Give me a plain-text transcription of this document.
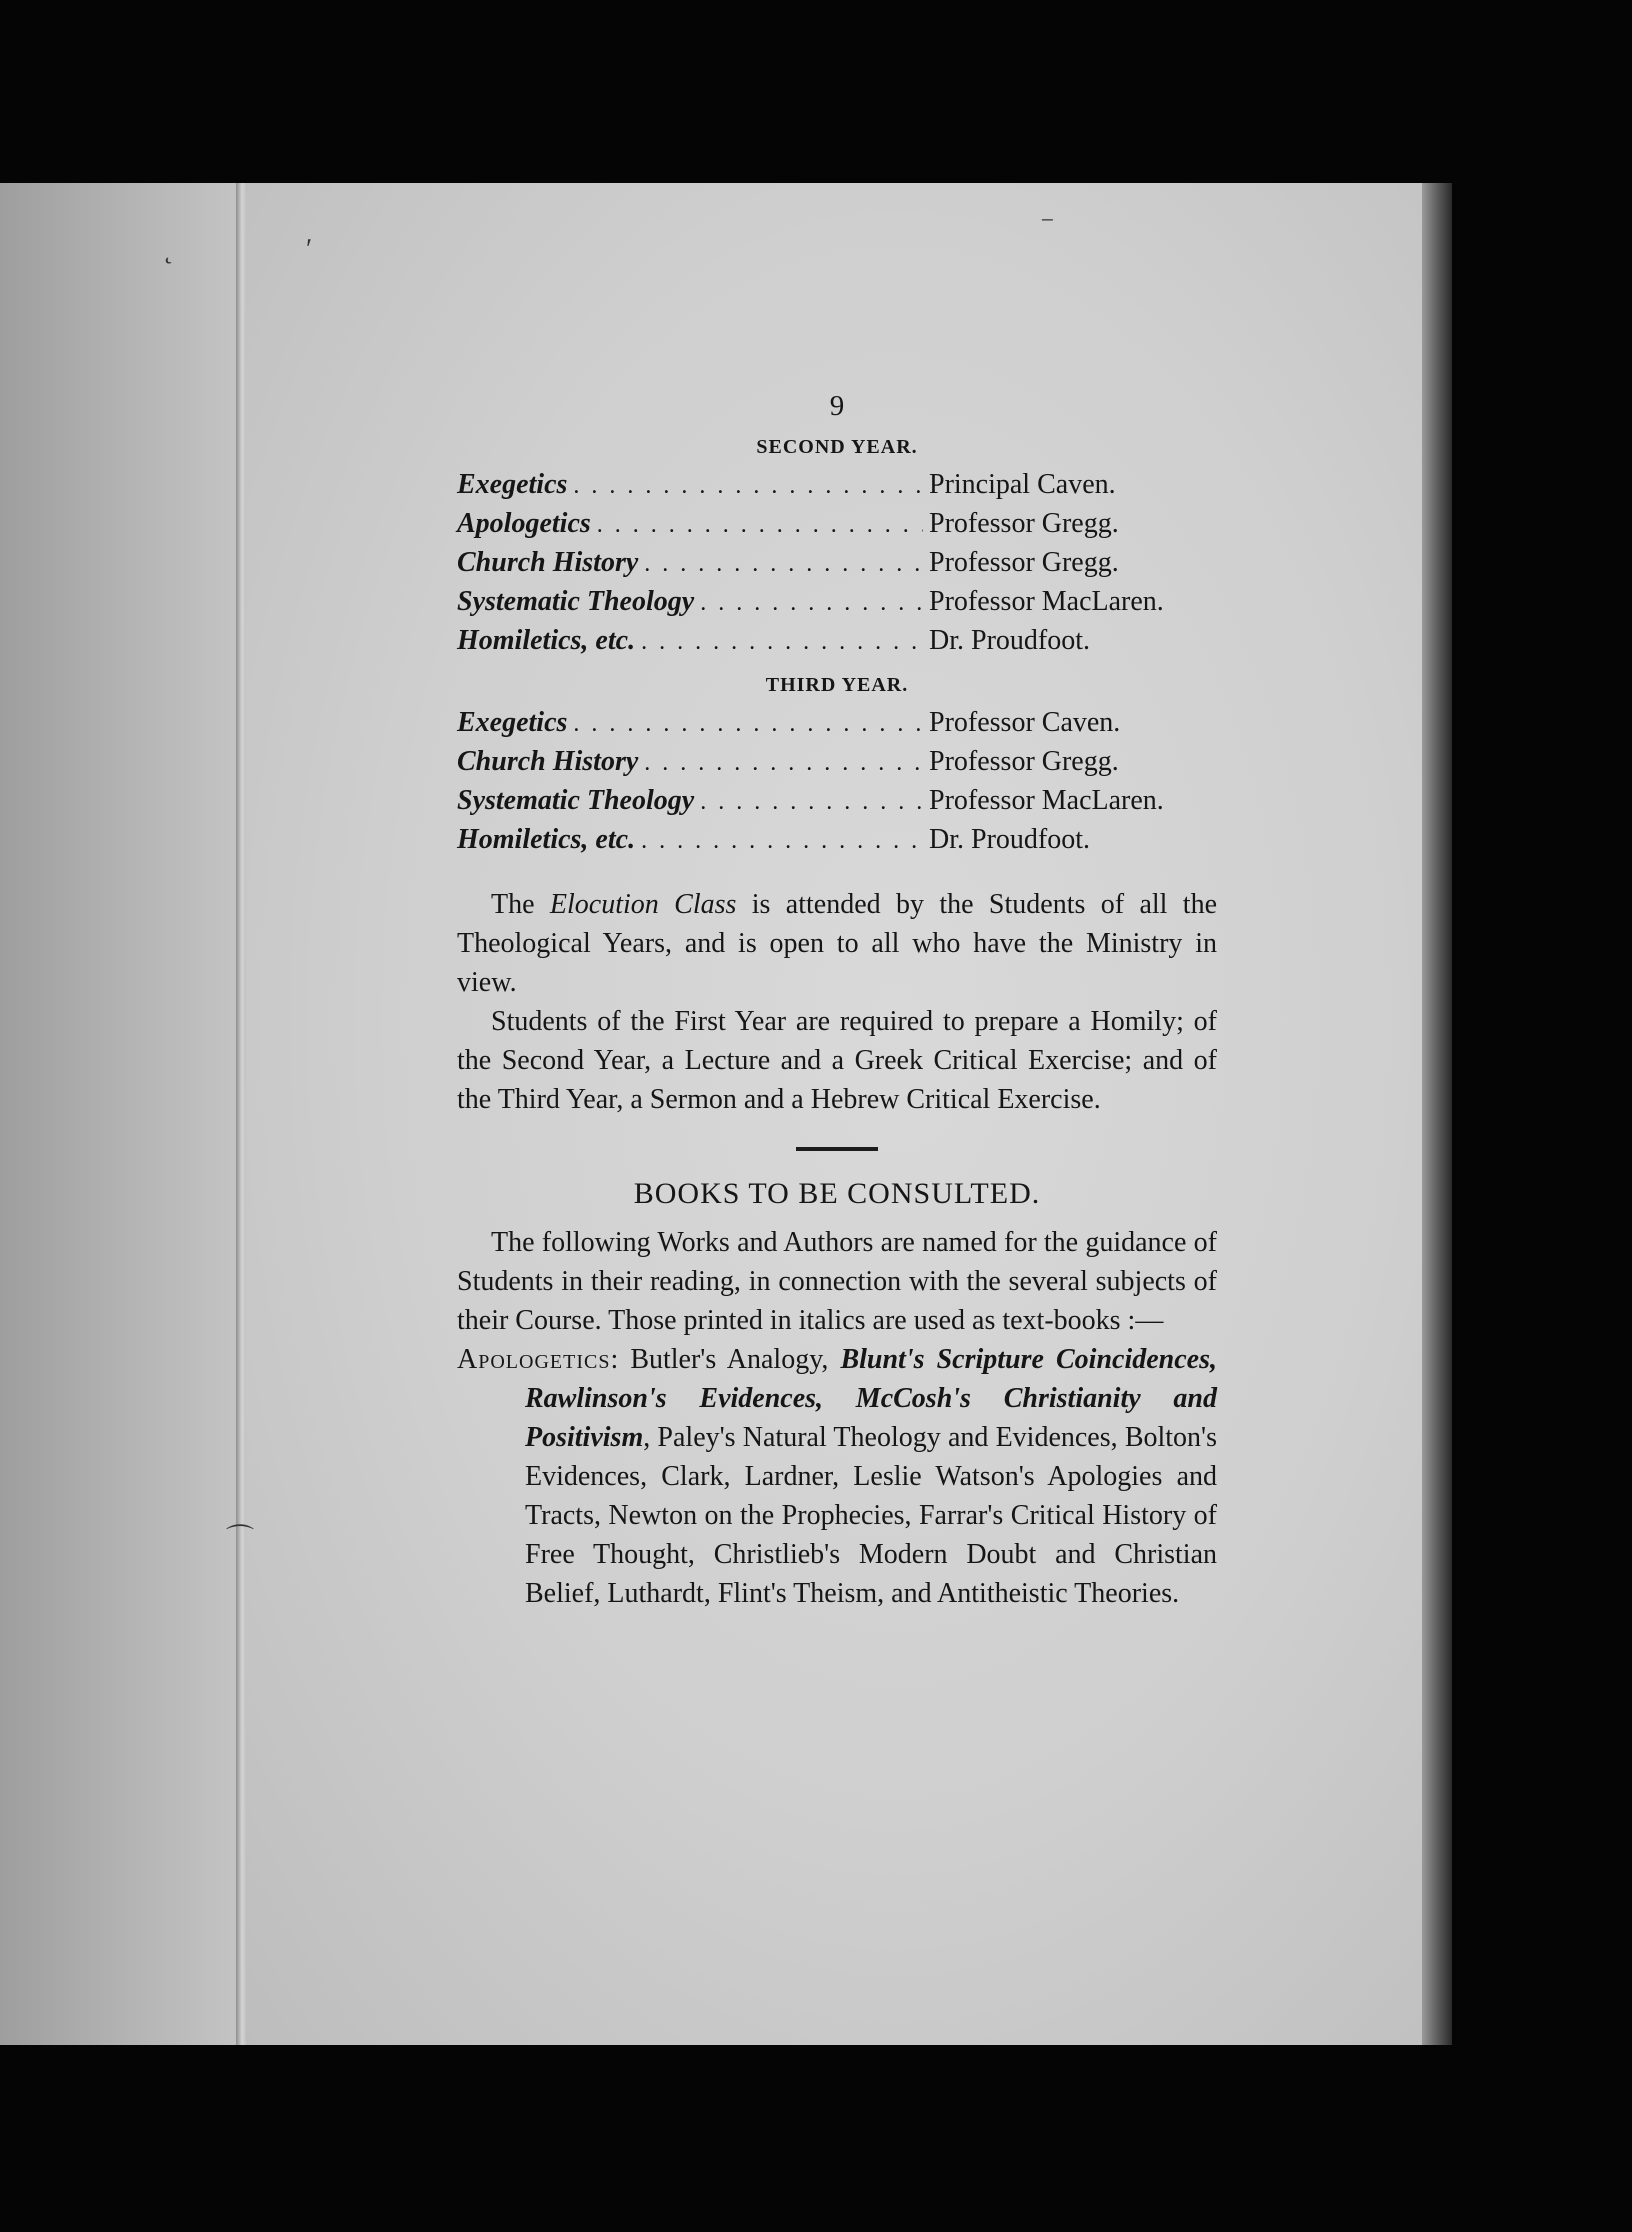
˛	ʹ
⁻
⌒
9
SECOND YEAR.
Exegetics . . .	Principal Caven.
Apologetics . . .	Professor Gregg.
Church History . . .	Professor Gregg.
Systematic Theology . . .	Professor MacLaren.
Homiletics, etc. . . .	Dr. Proudfoot.
THIRD YEAR.
Exegetics . . .	Professor Caven.
Church History . . .	Professor Gregg.
Systematic Theology . . .	Professor MacLaren.
Homiletics, etc. . . .	Dr. Proudfoot.

The Elocution Class is attended by the Students of all the Theological Years, and is open to all who have the Ministry in view.

Students of the First Year are required to prepare a Homily; of the Second Year, a Lecture and a Greek Critical Exercise; and of the Third Year, a Sermon and a Hebrew Critical Exercise.

BOOKS TO BE CONSULTED.

The following Works and Authors are named for the guidance of Students in their reading, in connection with the several subjects of their Course. Those printed in italics are used as text-books :—

Apologetics: Butler's Analogy, Blunt's Scripture Coincidences, Rawlinson's Evidences, McCosh's Christianity and Positivism, Paley's Natural Theology and Evidences, Bolton's Evidences, Clark, Lardner, Leslie Watson's Apologies and Tracts, Newton on the Prophecies, Farrar's Critical History of Free Thought, Christlieb's Modern Doubt and Christian Belief, Luthardt, Flint's Theism, and Antitheistic Theories.
